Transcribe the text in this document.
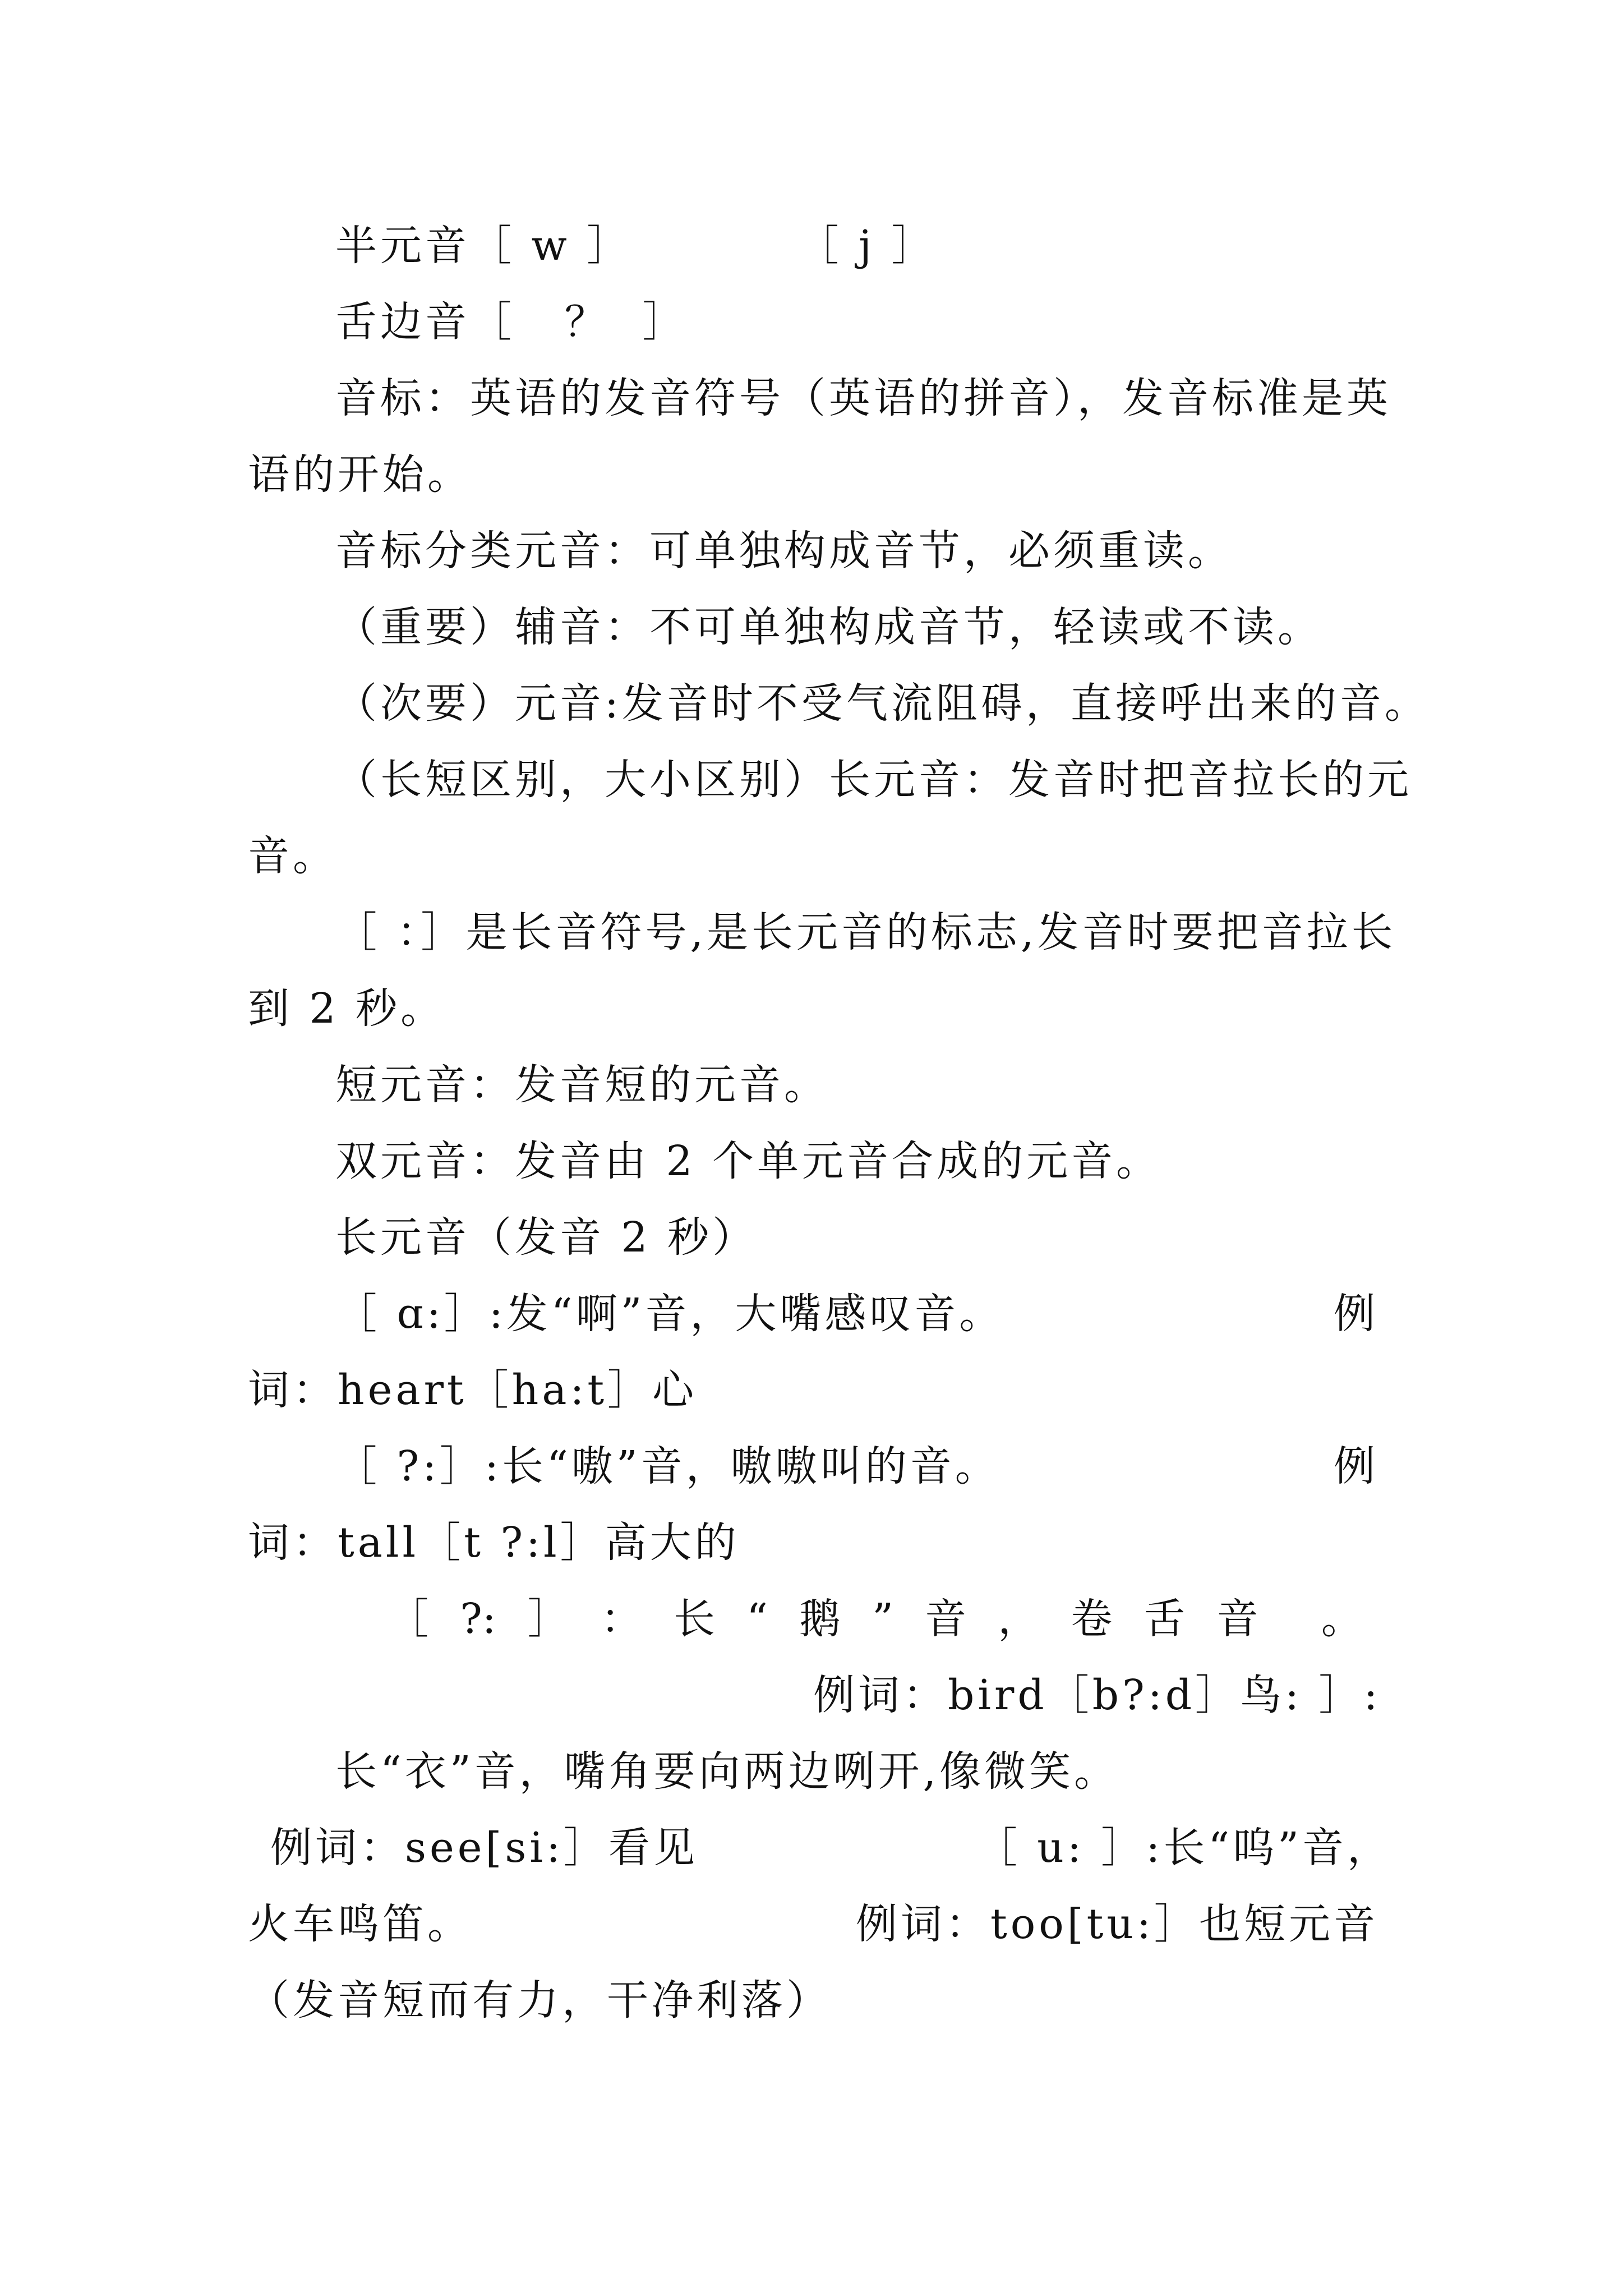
半元音［ w ］          ［ j ］
舌边音［   ？  ］
音标：英语的发音符号（英语的拼音），发音标准是英
语的开始。
音标分类元音：可单独构成音节，必须重读。
（重要）辅音：不可单独构成音节，轻读或不读。
（次要）元音:发音时不受气流阻碍，直接呼出来的音。
（长短区别，大小区别）长元音：发音时把音拉长的元
音。
［ ：］是长音符号,是长元音的标志,发音时要把音拉长
到 2 秒。
短元音：发音短的元音。
双元音：发音由 2 个单元音合成的元音。
长元音（发音 2 秒）
［ ɑ:］:发“啊”音，大嘴感叹音。	例
词：heart［ha:t］心
［ ?:］:长“嗷”音，嗷嗷叫的音。	例
词：tall［t ?:l］高大的
［ ?: ］ ： 长 “ 鹅 ” 音 ， 卷 舌 音 。
例词：bird［b?:d］鸟: ］:
长“衣”音，嘴角要向两边咧开,像微笑。
例词：see[si:］看见	［ u: ］:长“呜”音，
火车鸣笛。	例词：too[tu:］也短元音
（发音短而有力，干净利落）
